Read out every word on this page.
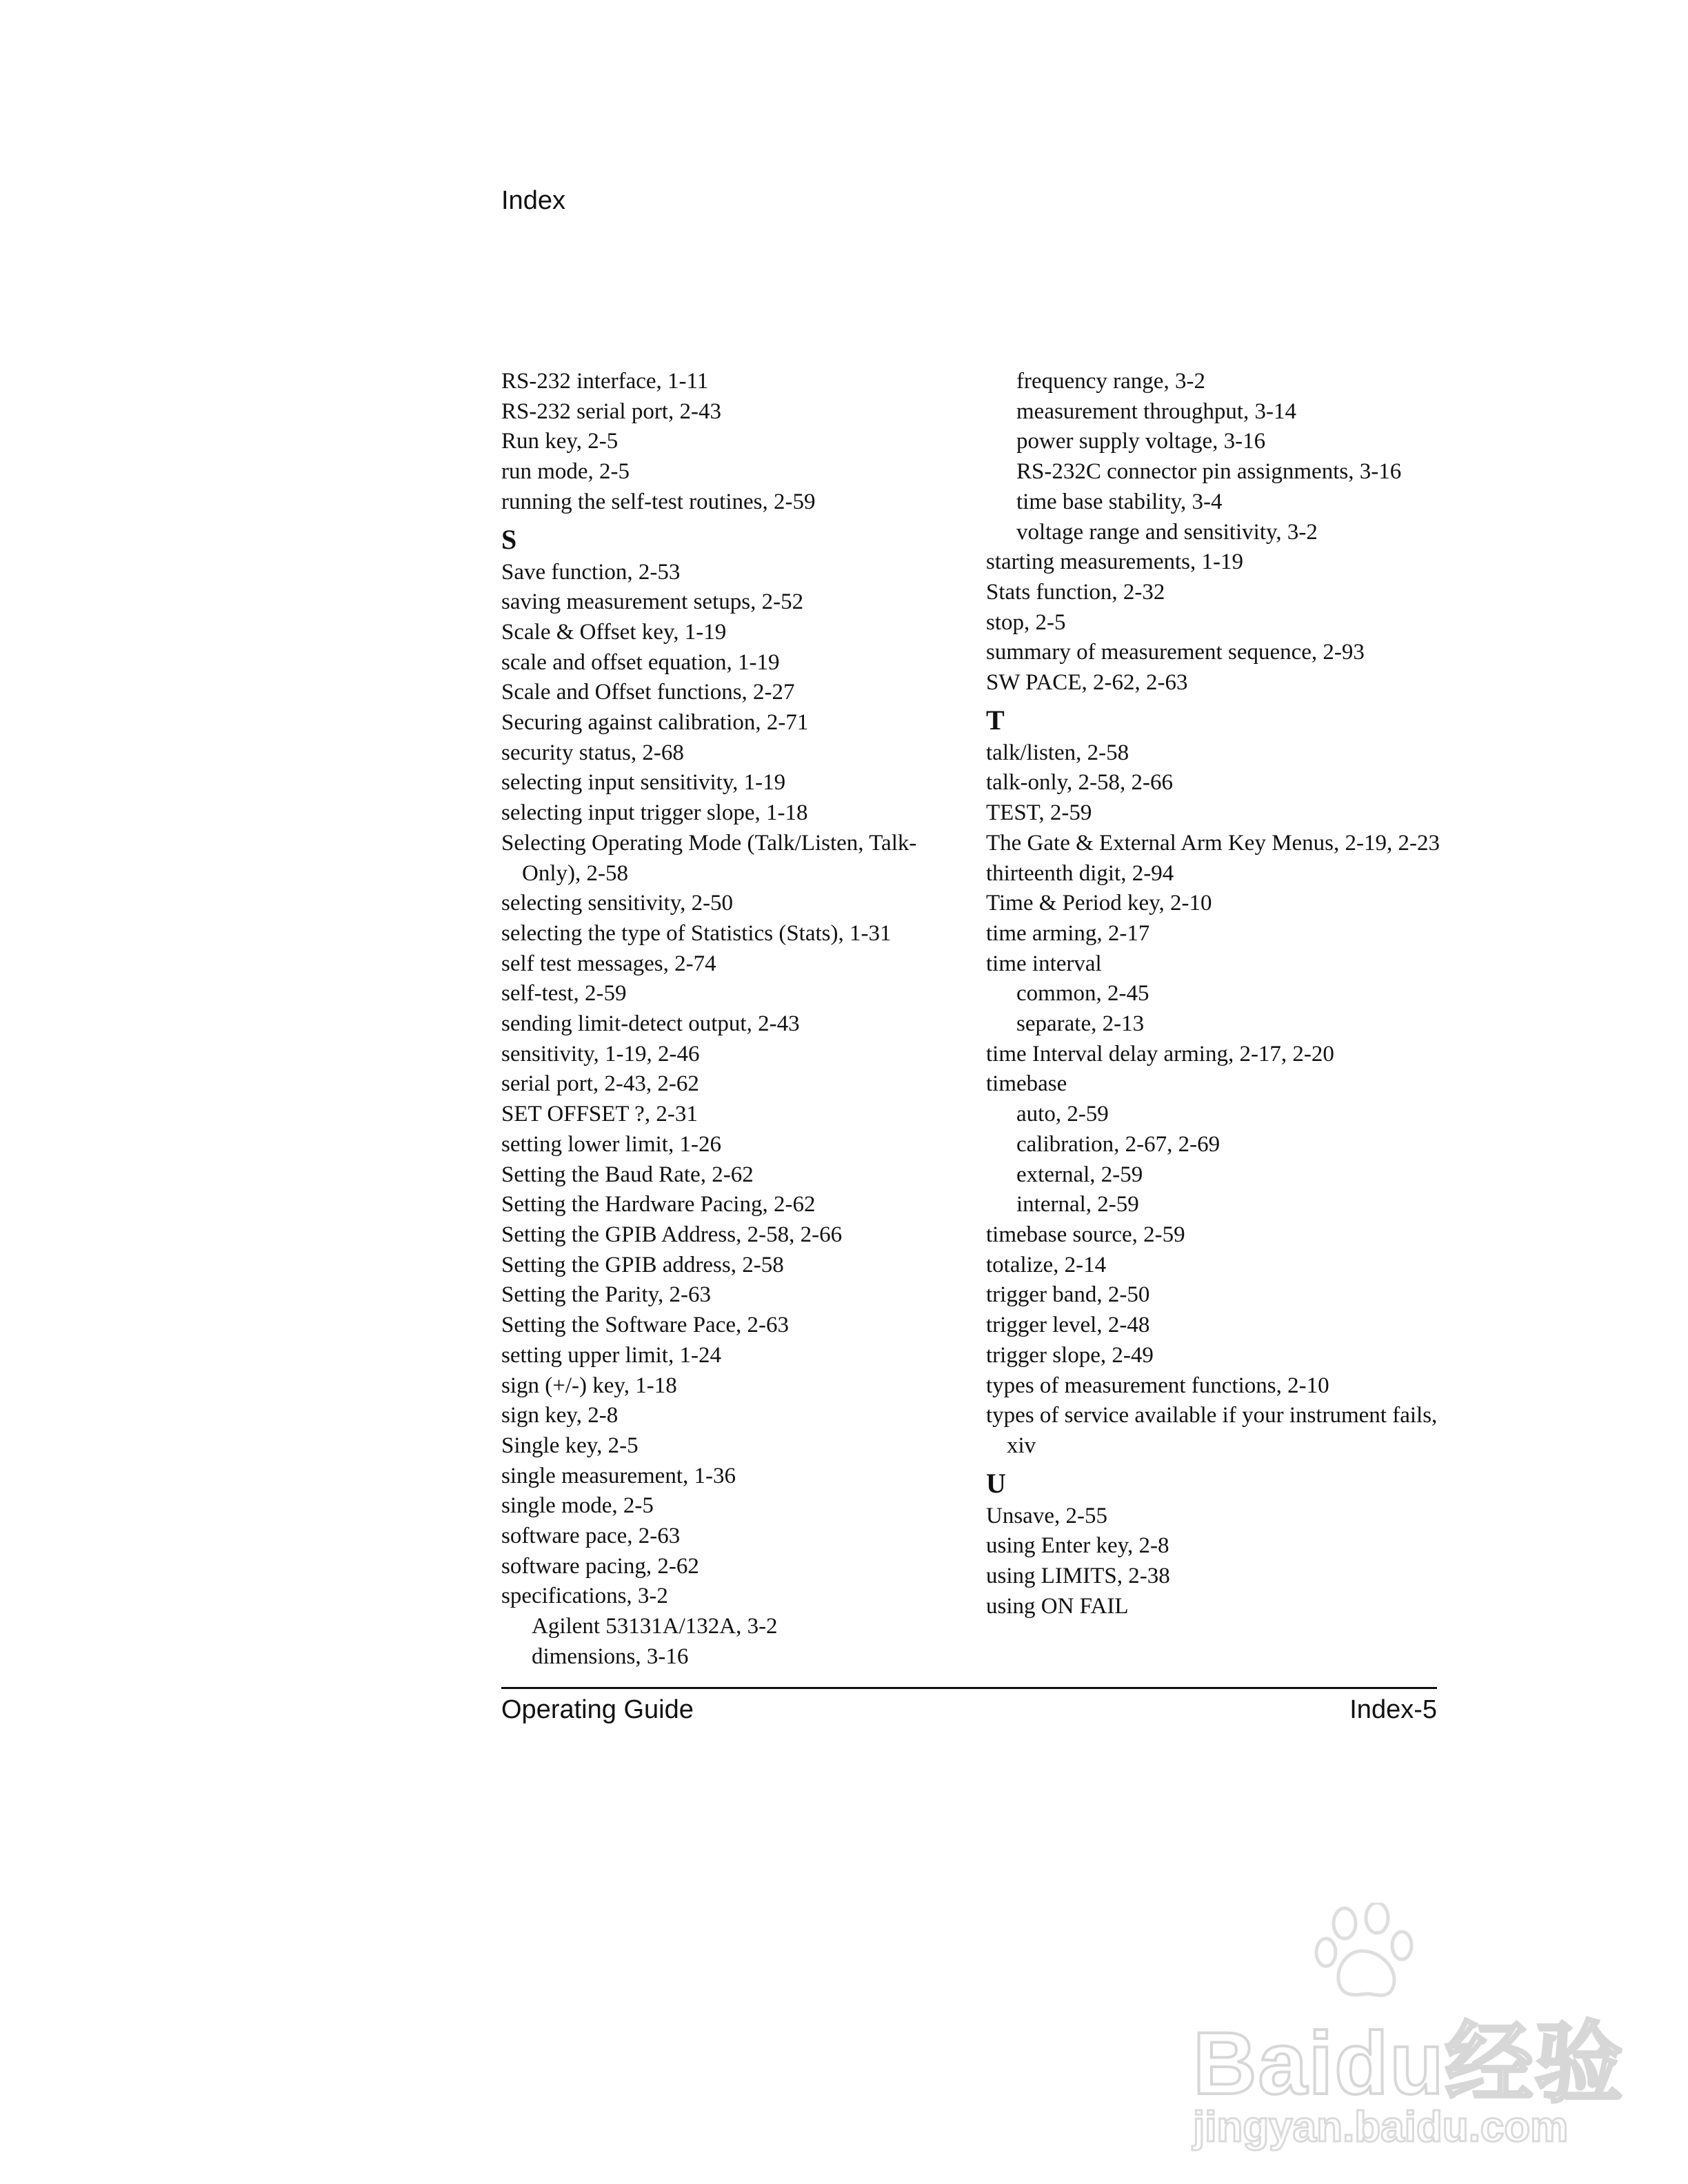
Index
RS-232 interface, 1-11
RS-232 serial port, 2-43
Run key, 2-5
run mode, 2-5
running the self-test routines, 2-59
S
Save function, 2-53
saving measurement setups, 2-52
Scale & Offset key, 1-19
scale and offset equation, 1-19
Scale and Offset functions, 2-27
Securing against calibration, 2-71
security status, 2-68
selecting input sensitivity, 1-19
selecting input trigger slope, 1-18
Selecting Operating Mode (Talk/Listen, Talk-Only), 2-58
selecting sensitivity, 2-50
selecting the type of Statistics (Stats), 1-31
self test messages, 2-74
self-test, 2-59
sending limit-detect output, 2-43
sensitivity, 1-19, 2-46
serial port, 2-43, 2-62
SET OFFSET ?, 2-31
setting lower limit, 1-26
Setting the Baud Rate, 2-62
Setting the Hardware Pacing, 2-62
Setting the GPIB Address, 2-58, 2-66
Setting the GPIB address, 2-58
Setting the Parity, 2-63
Setting the Software Pace, 2-63
setting upper limit, 1-24
sign (+/-) key, 1-18
sign key, 2-8
Single key, 2-5
single measurement, 1-36
single mode, 2-5
software pace, 2-63
software pacing, 2-62
specifications, 3-2
Agilent 53131A/132A, 3-2
dimensions, 3-16
frequency range, 3-2
measurement throughput, 3-14
power supply voltage, 3-16
RS-232C connector pin assignments, 3-16
time base stability, 3-4
voltage range and sensitivity, 3-2
starting measurements, 1-19
Stats function, 2-32
stop, 2-5
summary of measurement sequence, 2-93
SW PACE, 2-62, 2-63
T
talk/listen, 2-58
talk-only, 2-58, 2-66
TEST, 2-59
The Gate & External Arm Key Menus, 2-19, 2-23
thirteenth digit, 2-94
Time & Period key, 2-10
time arming, 2-17
time interval
common, 2-45
separate, 2-13
time Interval delay arming, 2-17, 2-20
timebase
auto, 2-59
calibration, 2-67, 2-69
external, 2-59
internal, 2-59
timebase source, 2-59
totalize, 2-14
trigger band, 2-50
trigger level, 2-48
trigger slope, 2-49
types of measurement functions, 2-10
types of service available if your instrument fails, xiv
U
Unsave, 2-55
using Enter key, 2-8
using LIMITS, 2-38
using ON FAIL
Operating Guide	Index-5
Baidu经验
jingyan.baidu.com
